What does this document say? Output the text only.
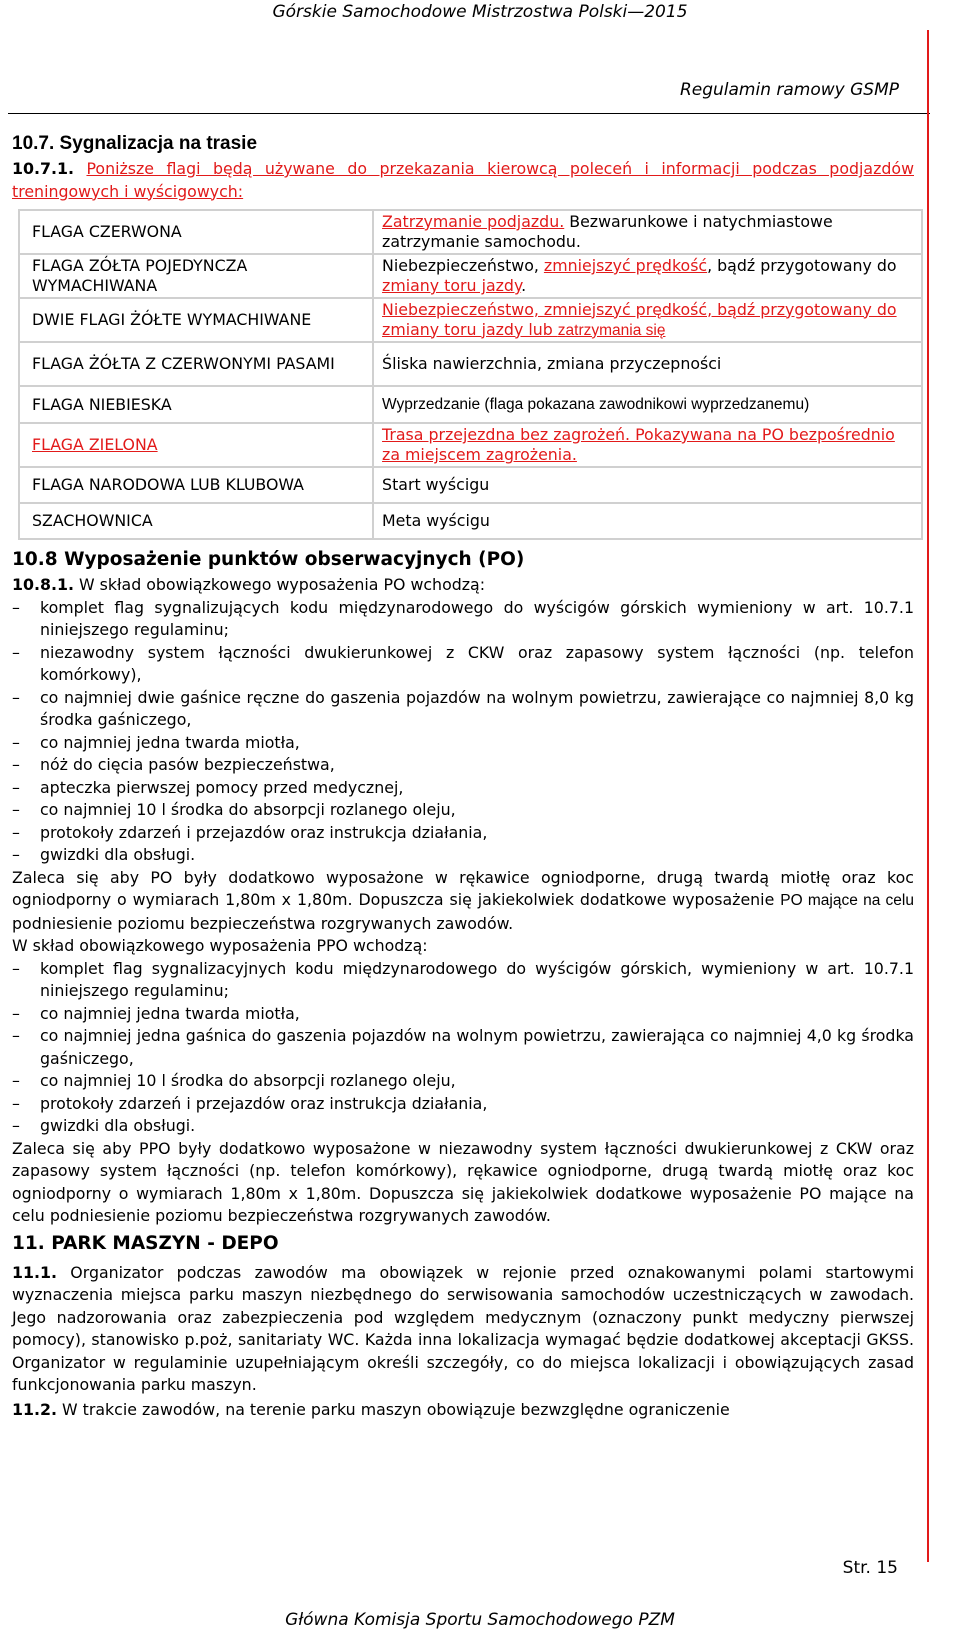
Górskie Samochodowe Mistrzostwa Polski—2015
Regulamin ramowy GSMP
10.7. Sygnalizacja na trasie

10.7.1. Poniższe flagi będą używane do przekazania kierowcą poleceń i informacji podczas podjazdów treningowych i wyścigowych:

FLAGA CZERWONA	Zatrzymanie podjazdu. Bezwarunkowe i natychmiastowe zatrzymanie samochodu.
FLAGA ZÓŁTA POJEDYNCZA WYMACHIWANA	Niebezpieczeństwo, zmniejszyć prędkość, bądź przygotowany do zmiany toru jazdy.
DWIE FLAGI ŻÓŁTE WYMACHIWANE	Niebezpieczeństwo, zmniejszyć prędkość, bądź przygotowany do zmiany toru jazdy lub zatrzymania się
FLAGA ŻÓŁTA Z CZERWONYMI PASAMI	Śliska nawierzchnia, zmiana przyczepności
FLAGA NIEBIESKA	Wyprzedzanie (flaga pokazana zawodnikowi wyprzedzanemu)
FLAGA ZIELONA	Trasa przejezdna bez zagrożeń. Pokazywana na PO bezpośrednio za miejscem zagrożenia.
FLAGA NARODOWA LUB KLUBOWA	Start wyścigu
SZACHOWNICA	Meta wyścigu
10.8 Wyposażenie punktów obserwacyjnych (PO)

10.8.1. W skład obowiązkowego wyposażenia PO wchodzą:

– komplet flag sygnalizujących kodu międzynarodowego do wyścigów górskich wymieniony w art. 10.7.1 niniejszego regulaminu;
– niezawodny system łączności dwukierunkowej z CKW oraz zapasowy system łączności (np. telefon komórkowy),
– co najmniej dwie gaśnice ręczne do gaszenia pojazdów na wolnym powietrzu, zawierające co najmniej 8,0 kg środka gaśniczego,
– co najmniej jedna twarda miotła,
– nóż do cięcia pasów bezpieczeństwa,
– apteczka pierwszej pomocy przed medycznej,
– co najmniej 10 l środka do absorpcji rozlanego oleju,
– protokoły zdarzeń i przejazdów oraz instrukcja działania,
– gwizdki dla obsługi.

Zaleca się aby PO były dodatkowo wyposażone w rękawice ogniodporne, drugą twardą miotłę oraz koc ogniodporny o wymiarach 1,80m x 1,80m. Dopuszcza się jakiekolwiek dodatkowe wyposażenie PO mające na celu podniesienie poziomu bezpieczeństwa rozgrywanych zawodów.

W skład obowiązkowego wyposażenia PPO wchodzą:

– komplet flag sygnalizacyjnych kodu międzynarodowego do wyścigów górskich, wymieniony w art. 10.7.1 niniejszego regulaminu;
– co najmniej jedna twarda miotła,
– co najmniej jedna gaśnica do gaszenia pojazdów na wolnym powietrzu, zawierająca co najmniej 4,0 kg środka gaśniczego,
– co najmniej 10 l środka do absorpcji rozlanego oleju,
– protokoły zdarzeń i przejazdów oraz instrukcja działania,
– gwizdki dla obsługi.

Zaleca się aby PPO były dodatkowo wyposażone w niezawodny system łączności dwukierunkowej z CKW oraz zapasowy system łączności (np. telefon komórkowy), rękawice ogniodporne, drugą twardą miotłę oraz koc ogniodporny o wymiarach 1,80m x 1,80m. Dopuszcza się jakiekolwiek dodatkowe wyposażenie PO mające na celu podniesienie poziomu bezpieczeństwa rozgrywanych zawodów.

11. PARK MASZYN - DEPO

11.1. Organizator podczas zawodów ma obowiązek w rejonie przed oznakowanymi polami startowymi wyznaczenia miejsca parku maszyn niezbędnego do serwisowania samochodów uczestniczących w zawodach. Jego nadzorowania oraz zabezpieczenia pod względem medycznym (oznaczony punkt medyczny pierwszej pomocy), stanowisko p.poż, sanitariaty WC. Każda inna lokalizacja wymagać będzie dodatkowej akceptacji GKSS. Organizator w regulaminie uzupełniającym określi szczegóły, co do miejsca lokalizacji i obowiązujących zasad funkcjonowania parku maszyn.

11.2. W trakcie zawodów, na terenie parku maszyn obowiązuje bezwzględne ograniczenie

Str. 15
Główna Komisja Sportu Samochodowego PZM
